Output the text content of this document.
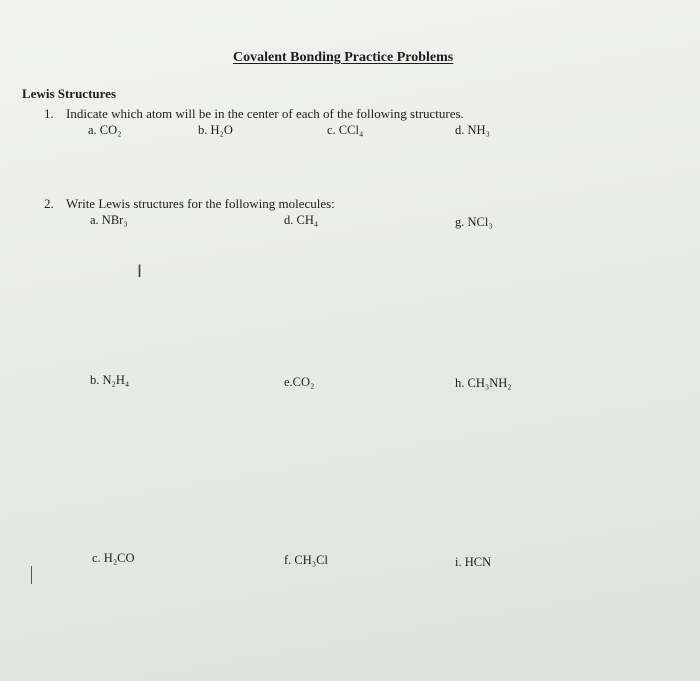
Covalent Bonding Practice Problems
Lewis Structures
1. Indicate which atom will be in the center of each of the following structures.
a. CO₂	b. H₂O	c. CCl₄	d. NH₃
2. Write Lewis structures for the following molecules:
a. NBr₃	d. CH₄	g. NCl₃
I
b. N₂H₄	e.CO₂	h. CH₃NH₂
c. H₂CO	f. CH₃Cl	i. HCN
